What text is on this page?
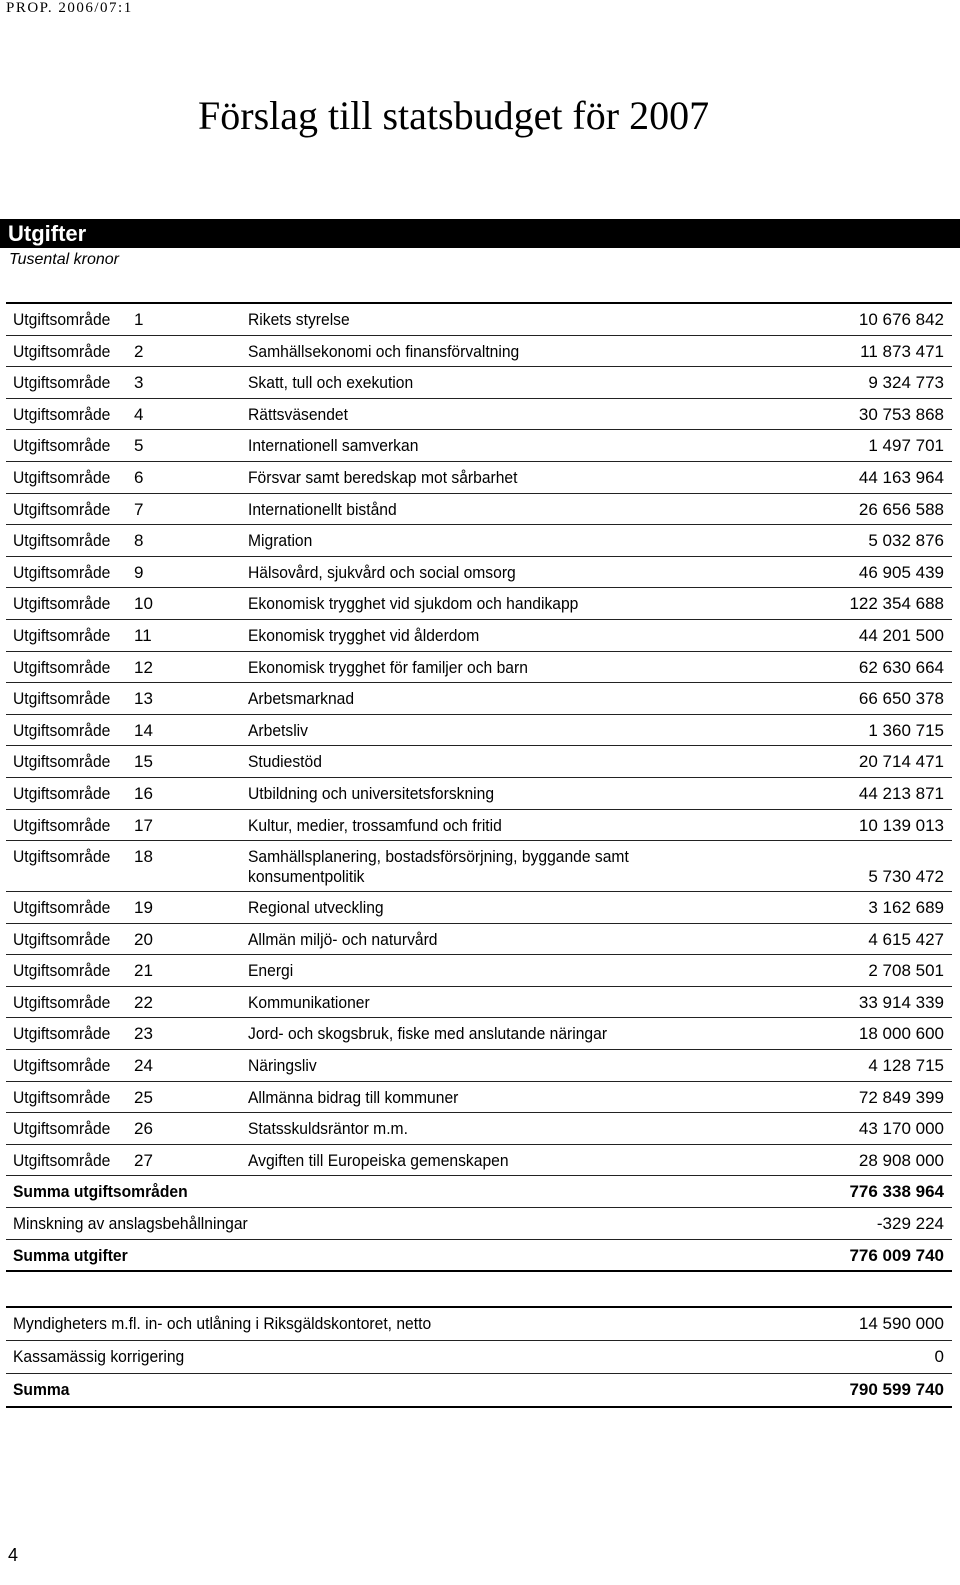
PROP. 2006/07:1
Förslag till statsbudget för 2007
Utgifter
Tusental kronor
Utgiftsområde 1	Rikets styrelse	10 676 842
Utgiftsområde 2	Samhällsekonomi och finansförvaltning	11 873 471
Utgiftsområde 3	Skatt, tull och exekution	9 324 773
Utgiftsområde 4	Rättsväsendet	30 753 868
Utgiftsområde 5	Internationell samverkan	1 497 701
Utgiftsområde 6	Försvar samt beredskap mot sårbarhet	44 163 964
Utgiftsområde 7	Internationellt bistånd	26 656 588
Utgiftsområde 8	Migration	5 032 876
Utgiftsområde 9	Hälsovård, sjukvård och social omsorg	46 905 439
Utgiftsområde 10	Ekonomisk trygghet vid sjukdom och handikapp	122 354 688
Utgiftsområde 11	Ekonomisk trygghet vid ålderdom	44 201 500
Utgiftsområde 12	Ekonomisk trygghet för familjer och barn	62 630 664
Utgiftsområde 13	Arbetsmarknad	66 650 378
Utgiftsområde 14	Arbetsliv	1 360 715
Utgiftsområde 15	Studiestöd	20 714 471
Utgiftsområde 16	Utbildning och universitetsforskning	44 213 871
Utgiftsområde 17	Kultur, medier, trossamfund och fritid	10 139 013
Utgiftsområde 18	Samhällsplanering, bostadsförsörjning, byggande samt konsumentpolitik	5 730 472
Utgiftsområde 19	Regional utveckling	3 162 689
Utgiftsområde 20	Allmän miljö- och naturvård	4 615 427
Utgiftsområde 21	Energi	2 708 501
Utgiftsområde 22	Kommunikationer	33 914 339
Utgiftsområde 23	Jord- och skogsbruk, fiske med anslutande näringar	18 000 600
Utgiftsområde 24	Näringsliv	4 128 715
Utgiftsområde 25	Allmänna bidrag till kommuner	72 849 399
Utgiftsområde 26	Statsskuldsräntor m.m.	43 170 000
Utgiftsområde 27	Avgiften till Europeiska gemenskapen	28 908 000
Summa utgiftsområden	776 338 964
Minskning av anslagsbehållningar	-329 224
Summa utgifter	776 009 740
Myndigheters m.fl. in- och utlåning i Riksgäldskontoret, netto	14 590 000
Kassamässig korrigering	0
Summa	790 599 740
4
